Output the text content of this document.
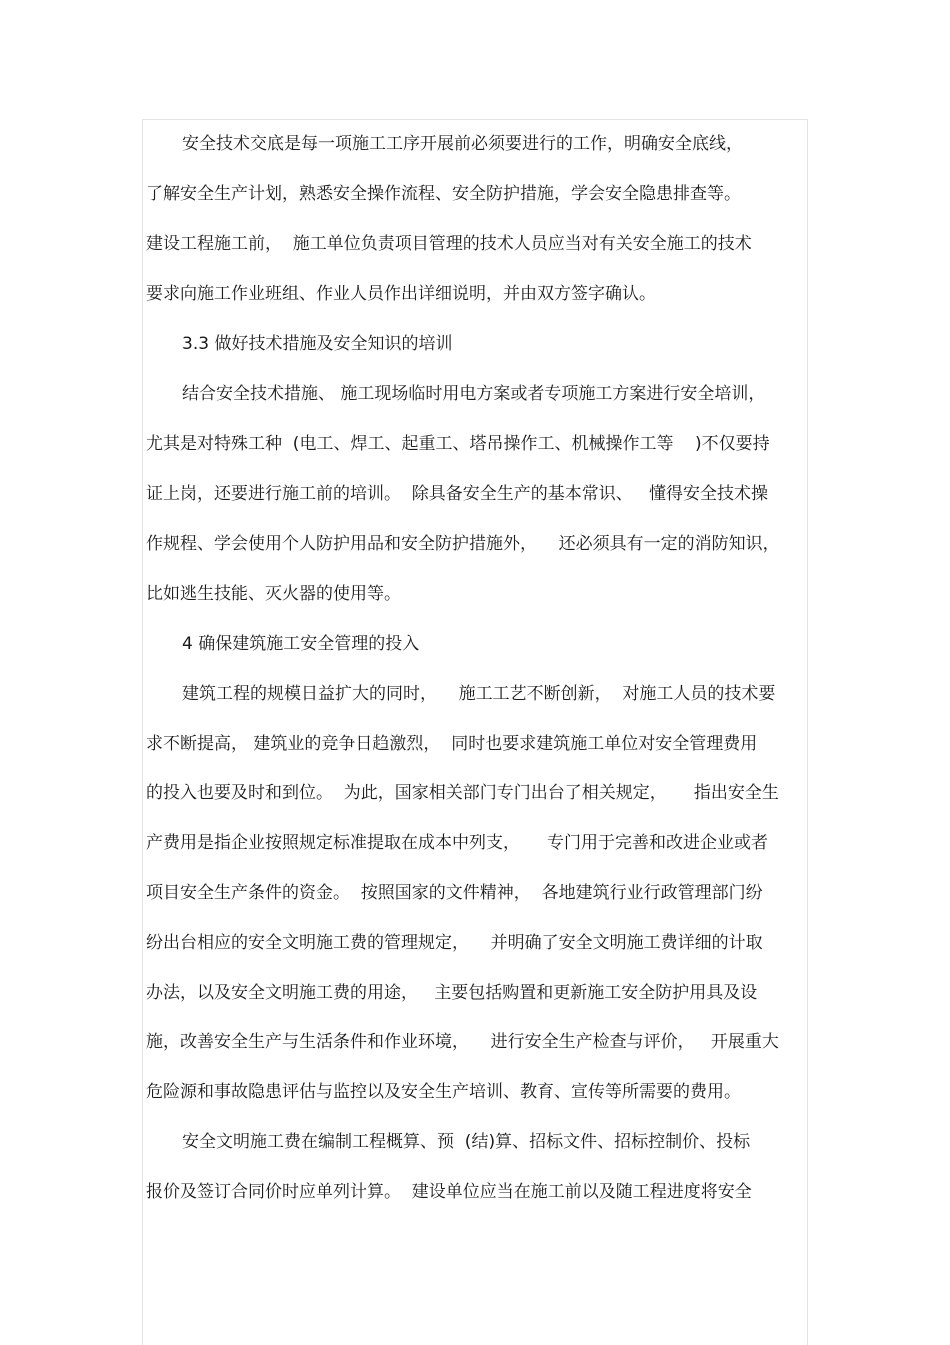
安全技术交底是每一项施工工序开展前必须要进行的工作，明确安全底线，
了解安全生产计划，熟悉安全操作流程、安全防护措施，学会安全隐患排查等。
建设工程施工前，  施工单位负责项目管理的技术人员应当对有关安全施工的技术
要求向施工作业班组、作业人员作出详细说明，并由双方签字确认。
3.3 做好技术措施及安全知识的培训
结合安全技术措施、 施工现场临时用电方案或者专项施工方案进行安全培训，
尤其是对特殊工种  (电工、焊工、起重工、塔吊操作工、机械操作工等    )不仅要持
证上岗，还要进行施工前的培训。  除具备安全生产的基本常识、   懂得安全技术操
作规程、学会使用个人防护用品和安全防护措施外，    还必须具有一定的消防知识，
比如逃生技能、灭火器的使用等。
4 确保建筑施工安全管理的投入
建筑工程的规模日益扩大的同时，    施工工艺不断创新，  对施工人员的技术要
求不断提高， 建筑业的竞争日趋激烈，  同时也要求建筑施工单位对安全管理费用
的投入也要及时和到位。  为此，国家相关部门专门出台了相关规定，     指出安全生
产费用是指企业按照规定标准提取在成本中列支，     专门用于完善和改进企业或者
项目安全生产条件的资金。  按照国家的文件精神，  各地建筑行业行政管理部门纷
纷出台相应的安全文明施工费的管理规定，    并明确了安全文明施工费详细的计取
办法，以及安全文明施工费的用途，   主要包括购置和更新施工安全防护用具及设
施，改善安全生产与生活条件和作业环境，    进行安全生产检查与评价，   开展重大
危险源和事故隐患评估与监控以及安全生产培训、教育、宣传等所需要的费用。
安全文明施工费在编制工程概算、预  (结)算、招标文件、招标控制价、投标
报价及签订合同价时应单列计算。  建设单位应当在施工前以及随工程进度将安全
